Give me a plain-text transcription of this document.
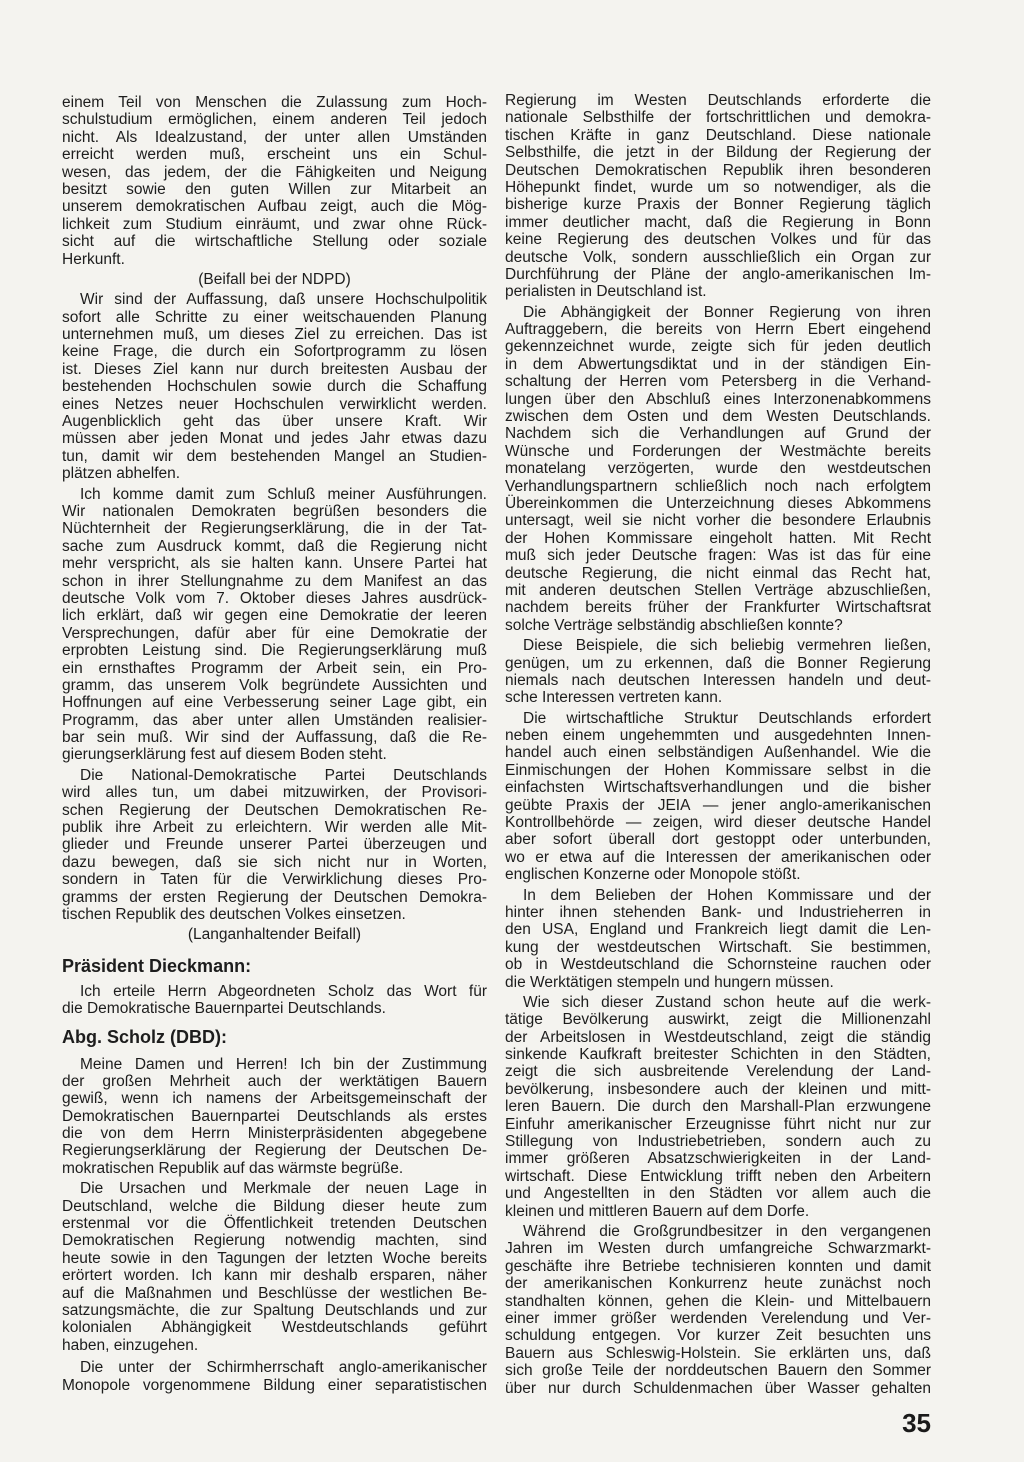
einem Teil von Menschen die Zulassung zum Hoch-
schulstudium ermöglichen, einem anderen Teil jedoch
nicht. Als Idealzustand, der unter allen Umständen
erreicht werden muß, erscheint uns ein Schul-
wesen, das jedem, der die Fähigkeiten und Neigung
besitzt sowie den guten Willen zur Mitarbeit an
unserem demokratischen Aufbau zeigt, auch die Mög-
lichkeit zum Studium einräumt, und zwar ohne Rück-
sicht auf die wirtschaftliche Stellung oder soziale
Herkunft.
(Beifall bei der NDPD)
Wir sind der Auffassung, daß unsere Hochschulpolitik
sofort alle Schritte zu einer weitschauenden Planung
unternehmen muß, um dieses Ziel zu erreichen. Das ist
keine Frage, die durch ein Sofortprogramm zu lösen
ist. Dieses Ziel kann nur durch breitesten Ausbau der
bestehenden Hochschulen sowie durch die Schaffung
eines Netzes neuer Hochschulen verwirklicht werden.
Augenblicklich geht das über unsere Kraft. Wir
müssen aber jeden Monat und jedes Jahr etwas dazu
tun, damit wir dem bestehenden Mangel an Studien-
plätzen abhelfen.
Ich komme damit zum Schluß meiner Ausführungen.
Wir nationalen Demokraten begrüßen besonders die
Nüchternheit der Regierungserklärung, die in der Tat-
sache zum Ausdruck kommt, daß die Regierung nicht
mehr verspricht, als sie halten kann. Unsere Partei hat
schon in ihrer Stellungnahme zu dem Manifest an das
deutsche Volk vom 7. Oktober dieses Jahres ausdrück-
lich erklärt, daß wir gegen eine Demokratie der leeren
Versprechungen, dafür aber für eine Demokratie der
erprobten Leistung sind. Die Regierungserklärung muß
ein ernsthaftes Programm der Arbeit sein, ein Pro-
gramm, das unserem Volk begründete Aussichten und
Hoffnungen auf eine Verbesserung seiner Lage gibt, ein
Programm, das aber unter allen Umständen realisier-
bar sein muß. Wir sind der Auffassung, daß die Re-
gierungserklärung fest auf diesem Boden steht.
Die National-Demokratische Partei Deutschlands
wird alles tun, um dabei mitzuwirken, der Provisori-
schen Regierung der Deutschen Demokratischen Re-
publik ihre Arbeit zu erleichtern. Wir werden alle Mit-
glieder und Freunde unserer Partei überzeugen und
dazu bewegen, daß sie sich nicht nur in Worten,
sondern in Taten für die Verwirklichung dieses Pro-
gramms der ersten Regierung der Deutschen Demokra-
tischen Republik des deutschen Volkes einsetzen.
(Langanhaltender Beifall)
Präsident Dieckmann:
Ich erteile Herrn Abgeordneten Scholz das Wort für
die Demokratische Bauernpartei Deutschlands.
Abg. Scholz (DBD):
Meine Damen und Herren! Ich bin der Zustimmung
der großen Mehrheit auch der werktätigen Bauern
gewiß, wenn ich namens der Arbeitsgemeinschaft der
Demokratischen Bauernpartei Deutschlands als erstes
die von dem Herrn Ministerpräsidenten abgegebene
Regierungserklärung der Regierung der Deutschen De-
mokratischen Republik auf das wärmste begrüße.
Die Ursachen und Merkmale der neuen Lage in
Deutschland, welche die Bildung dieser heute zum
erstenmal vor die Öffentlichkeit tretenden Deutschen
Demokratischen Regierung notwendig machten, sind
heute sowie in den Tagungen der letzten Woche bereits
erörtert worden. Ich kann mir deshalb ersparen, näher
auf die Maßnahmen und Beschlüsse der westlichen Be-
satzungsmächte, die zur Spaltung Deutschlands und zur
kolonialen Abhängigkeit Westdeutschlands geführt
haben, einzugehen.
Die unter der Schirmherrschaft anglo-amerikanischer
Monopole vorgenommene Bildung einer separatistischen
Regierung im Westen Deutschlands erforderte die
nationale Selbsthilfe der fortschrittlichen und demokra-
tischen Kräfte in ganz Deutschland. Diese nationale
Selbsthilfe, die jetzt in der Bildung der Regierung der
Deutschen Demokratischen Republik ihren besonderen
Höhepunkt findet, wurde um so notwendiger, als die
bisherige kurze Praxis der Bonner Regierung täglich
immer deutlicher macht, daß die Regierung in Bonn
keine Regierung des deutschen Volkes und für das
deutsche Volk, sondern ausschließlich ein Organ zur
Durchführung der Pläne der anglo-amerikanischen Im-
perialisten in Deutschland ist.
Die Abhängigkeit der Bonner Regierung von ihren
Auftraggebern, die bereits von Herrn Ebert eingehend
gekennzeichnet wurde, zeigte sich für jeden deutlich
in dem Abwertungsdiktat und in der ständigen Ein-
schaltung der Herren vom Petersberg in die Verhand-
lungen über den Abschluß eines Interzonenabkommens
zwischen dem Osten und dem Westen Deutschlands.
Nachdem sich die Verhandlungen auf Grund der
Wünsche und Forderungen der Westmächte bereits
monatelang verzögerten, wurde den westdeutschen
Verhandlungspartnern schließlich noch nach erfolgtem
Übereinkommen die Unterzeichnung dieses Abkommens
untersagt, weil sie nicht vorher die besondere Erlaubnis
der Hohen Kommissare eingeholt hatten. Mit Recht
muß sich jeder Deutsche fragen: Was ist das für eine
deutsche Regierung, die nicht einmal das Recht hat,
mit anderen deutschen Stellen Verträge abzuschließen,
nachdem bereits früher der Frankfurter Wirtschaftsrat
solche Verträge selbständig abschließen konnte?
Diese Beispiele, die sich beliebig vermehren ließen,
genügen, um zu erkennen, daß die Bonner Regierung
niemals nach deutschen Interessen handeln und deut-
sche Interessen vertreten kann.
Die wirtschaftliche Struktur Deutschlands erfordert
neben einem ungehemmten und ausgedehnten Innen-
handel auch einen selbständigen Außenhandel. Wie die
Einmischungen der Hohen Kommissare selbst in die
einfachsten Wirtschaftsverhandlungen und die bisher
geübte Praxis der JEIA — jener anglo-amerikanischen
Kontrollbehörde — zeigen, wird dieser deutsche Handel
aber sofort überall dort gestoppt oder unterbunden,
wo er etwa auf die Interessen der amerikanischen oder
englischen Konzerne oder Monopole stößt.
In dem Belieben der Hohen Kommissare und der
hinter ihnen stehenden Bank- und Industrieherren in
den USA, England und Frankreich liegt damit die Len-
kung der westdeutschen Wirtschaft. Sie bestimmen,
ob in Westdeutschland die Schornsteine rauchen oder
die Werktätigen stempeln und hungern müssen.
Wie sich dieser Zustand schon heute auf die werk-
tätige Bevölkerung auswirkt, zeigt die Millionenzahl
der Arbeitslosen in Westdeutschland, zeigt die ständig
sinkende Kaufkraft breitester Schichten in den Städten,
zeigt die sich ausbreitende Verelendung der Land-
bevölkerung, insbesondere auch der kleinen und mitt-
leren Bauern. Die durch den Marshall-Plan erzwungene
Einfuhr amerikanischer Erzeugnisse führt nicht nur zur
Stillegung von Industriebetrieben, sondern auch zu
immer größeren Absatzschwierigkeiten in der Land-
wirtschaft. Diese Entwicklung trifft neben den Arbeitern
und Angestellten in den Städten vor allem auch die
kleinen und mittleren Bauern auf dem Dorfe.
Während die Großgrundbesitzer in den vergangenen
Jahren im Westen durch umfangreiche Schwarzmarkt-
geschäfte ihre Betriebe technisieren konnten und damit
der amerikanischen Konkurrenz heute zunächst noch
standhalten können, gehen die Klein- und Mittelbauern
einer immer größer werdenden Verelendung und Ver-
schuldung entgegen. Vor kurzer Zeit besuchten uns
Bauern aus Schleswig-Holstein. Sie erklärten uns, daß
sich große Teile der norddeutschen Bauern den Sommer
über nur durch Schuldenmachen über Wasser gehalten
35
